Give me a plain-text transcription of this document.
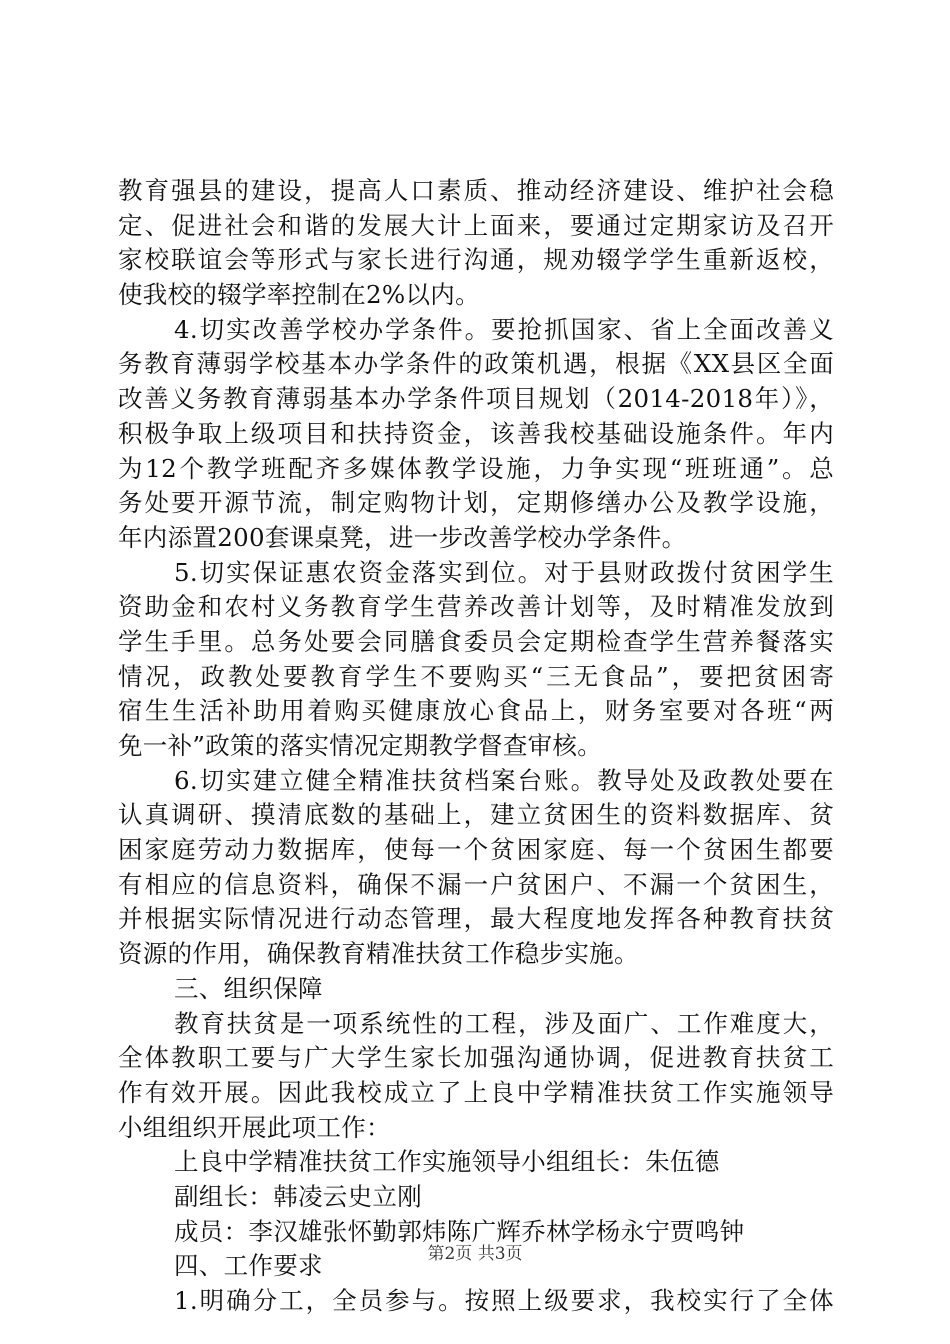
教育强县的建设，提高人口素质、推动经济建设、维护社会稳
定、促进社会和谐的发展大计上面来，要通过定期家访及召开
家校联谊会等形式与家长进行沟通，规劝辍学学生重新返校，
使我校的辍学率控制在2%以内。
4.切实改善学校办学条件。要抢抓国家、省上全面改善义
务教育薄弱学校基本办学条件的政策机遇，根据《XX县区全面
改善义务教育薄弱基本办学条件项目规划（2014-2018年）》，
积极争取上级项目和扶持资金，该善我校基础设施条件。年内
为12个教学班配齐多媒体教学设施，力争实现“班班通”。总
务处要开源节流，制定购物计划，定期修缮办公及教学设施，
年内添置200套课桌凳，进一步改善学校办学条件。
5.切实保证惠农资金落实到位。对于县财政拨付贫困学生
资助金和农村义务教育学生营养改善计划等，及时精准发放到
学生手里。总务处要会同膳食委员会定期检查学生营养餐落实
情况，政教处要教育学生不要购买“三无食品”，要把贫困寄
宿生生活补助用着购买健康放心食品上，财务室要对各班“两
免一补”政策的落实情况定期教学督查审核。
6.切实建立健全精准扶贫档案台账。教导处及政教处要在
认真调研、摸清底数的基础上，建立贫困生的资料数据库、贫
困家庭劳动力数据库，使每一个贫困家庭、每一个贫困生都要
有相应的信息资料，确保不漏一户贫困户、不漏一个贫困生，
并根据实际情况进行动态管理，最大程度地发挥各种教育扶贫
资源的作用，确保教育精准扶贫工作稳步实施。
三、组织保障
教育扶贫是一项系统性的工程，涉及面广、工作难度大，
全体教职工要与广大学生家长加强沟通协调，促进教育扶贫工
作有效开展。因此我校成立了上良中学精准扶贫工作实施领导
小组组织开展此项工作：
上良中学精准扶贫工作实施领导小组组长：朱伍德
副组长：韩凌云史立刚
成员：李汉雄张怀勤郭炜陈广辉乔林学杨永宁贾鸣钟
四、工作要求
1.明确分工，全员参与。按照上级要求，我校实行了全体
第2页 共3页
